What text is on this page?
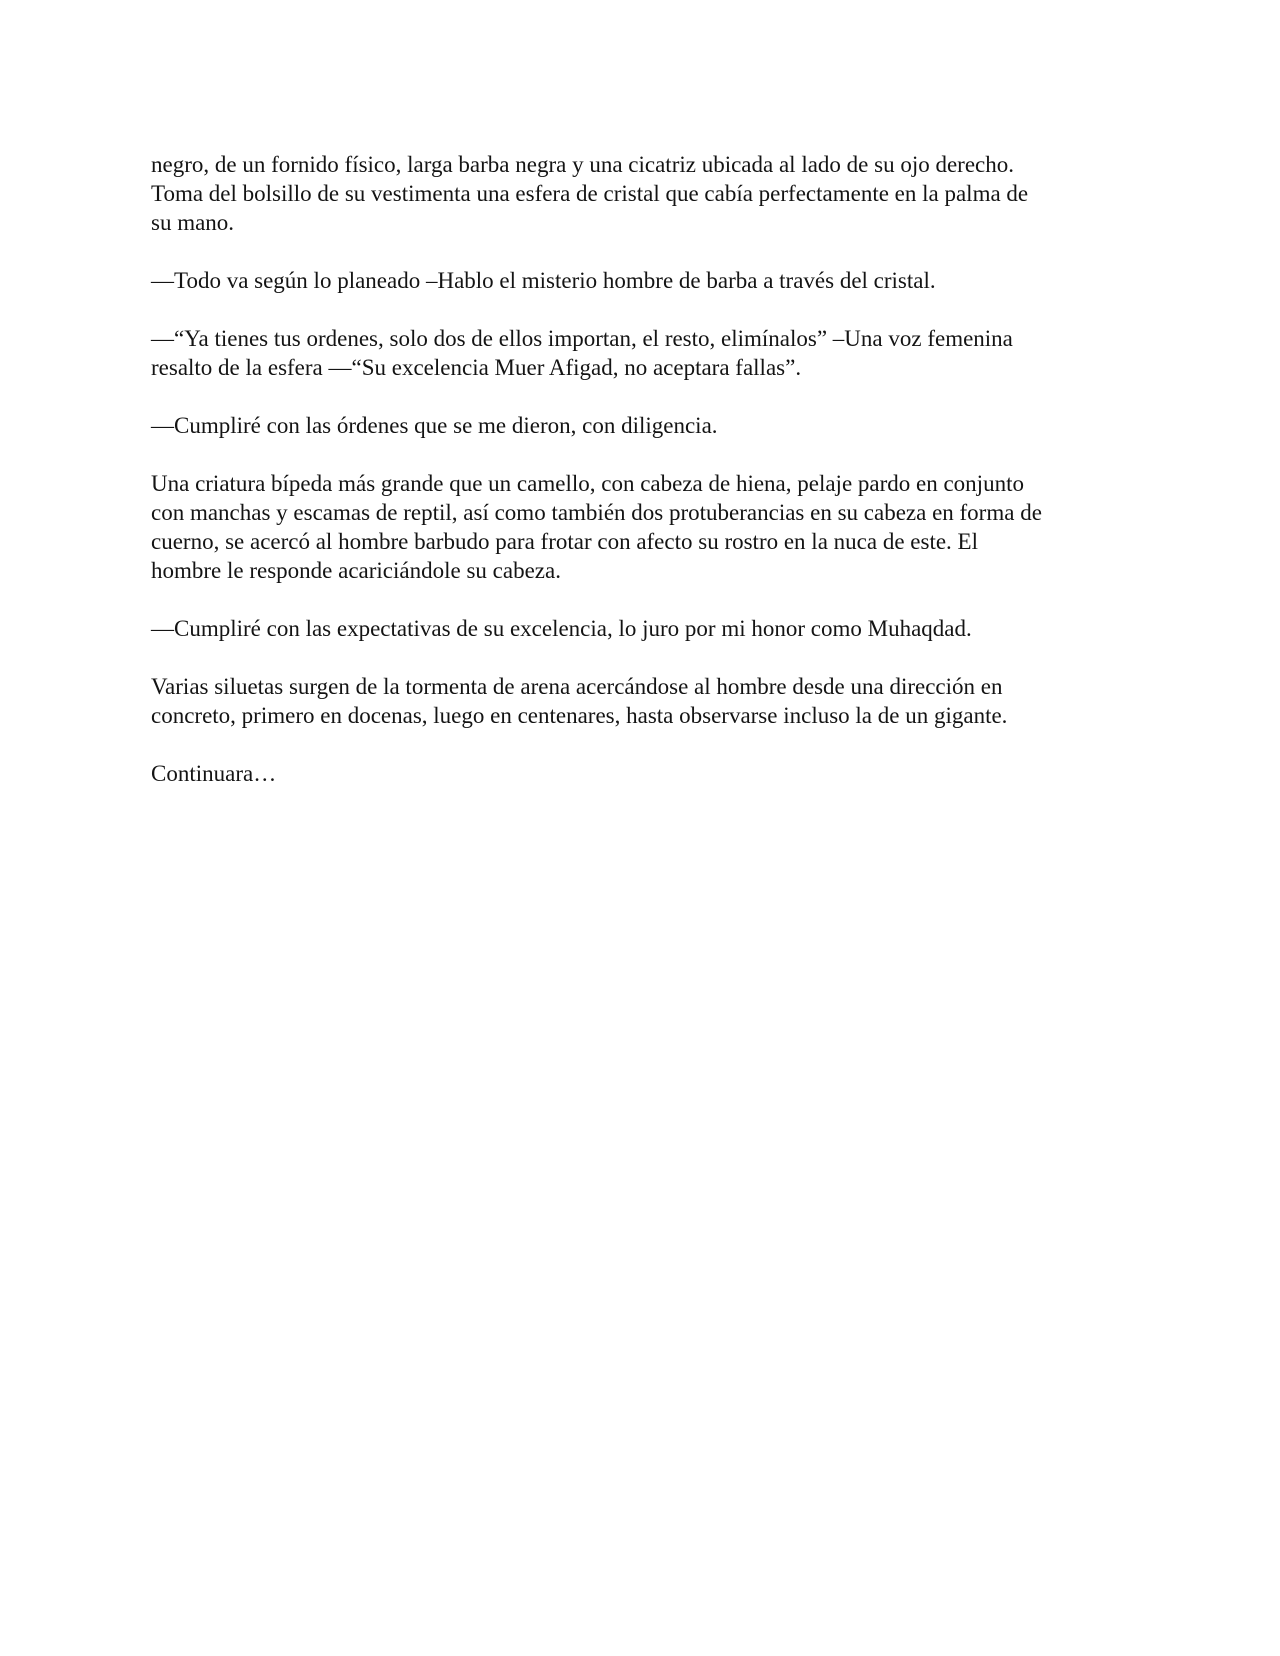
negro, de un fornido físico, larga barba negra y una cicatriz ubicada al lado de su ojo derecho.
Toma del bolsillo de su vestimenta una esfera de cristal que cabía perfectamente en la palma de
su mano.

—Todo va según lo planeado –Hablo el misterio hombre de barba a través del cristal.

—“Ya tienes tus ordenes, solo dos de ellos importan, el resto, elimínalos” –Una voz femenina
resalto de la esfera —“Su excelencia Muer Afigad, no aceptara fallas”.

—Cumpliré con las órdenes que se me dieron, con diligencia.

Una criatura bípeda más grande que un camello, con cabeza de hiena, pelaje pardo en conjunto
con manchas y escamas de reptil, así como también dos protuberancias en su cabeza en forma de
cuerno, se acercó al hombre barbudo para frotar con afecto su rostro en la nuca de este. El
hombre le responde acariciándole su cabeza.

—Cumpliré con las expectativas de su excelencia, lo juro por mi honor como Muhaqdad.

Varias siluetas surgen de la tormenta de arena acercándose al hombre desde una dirección en
concreto, primero en docenas, luego en centenares, hasta observarse incluso la de un gigante.

Continuara…
